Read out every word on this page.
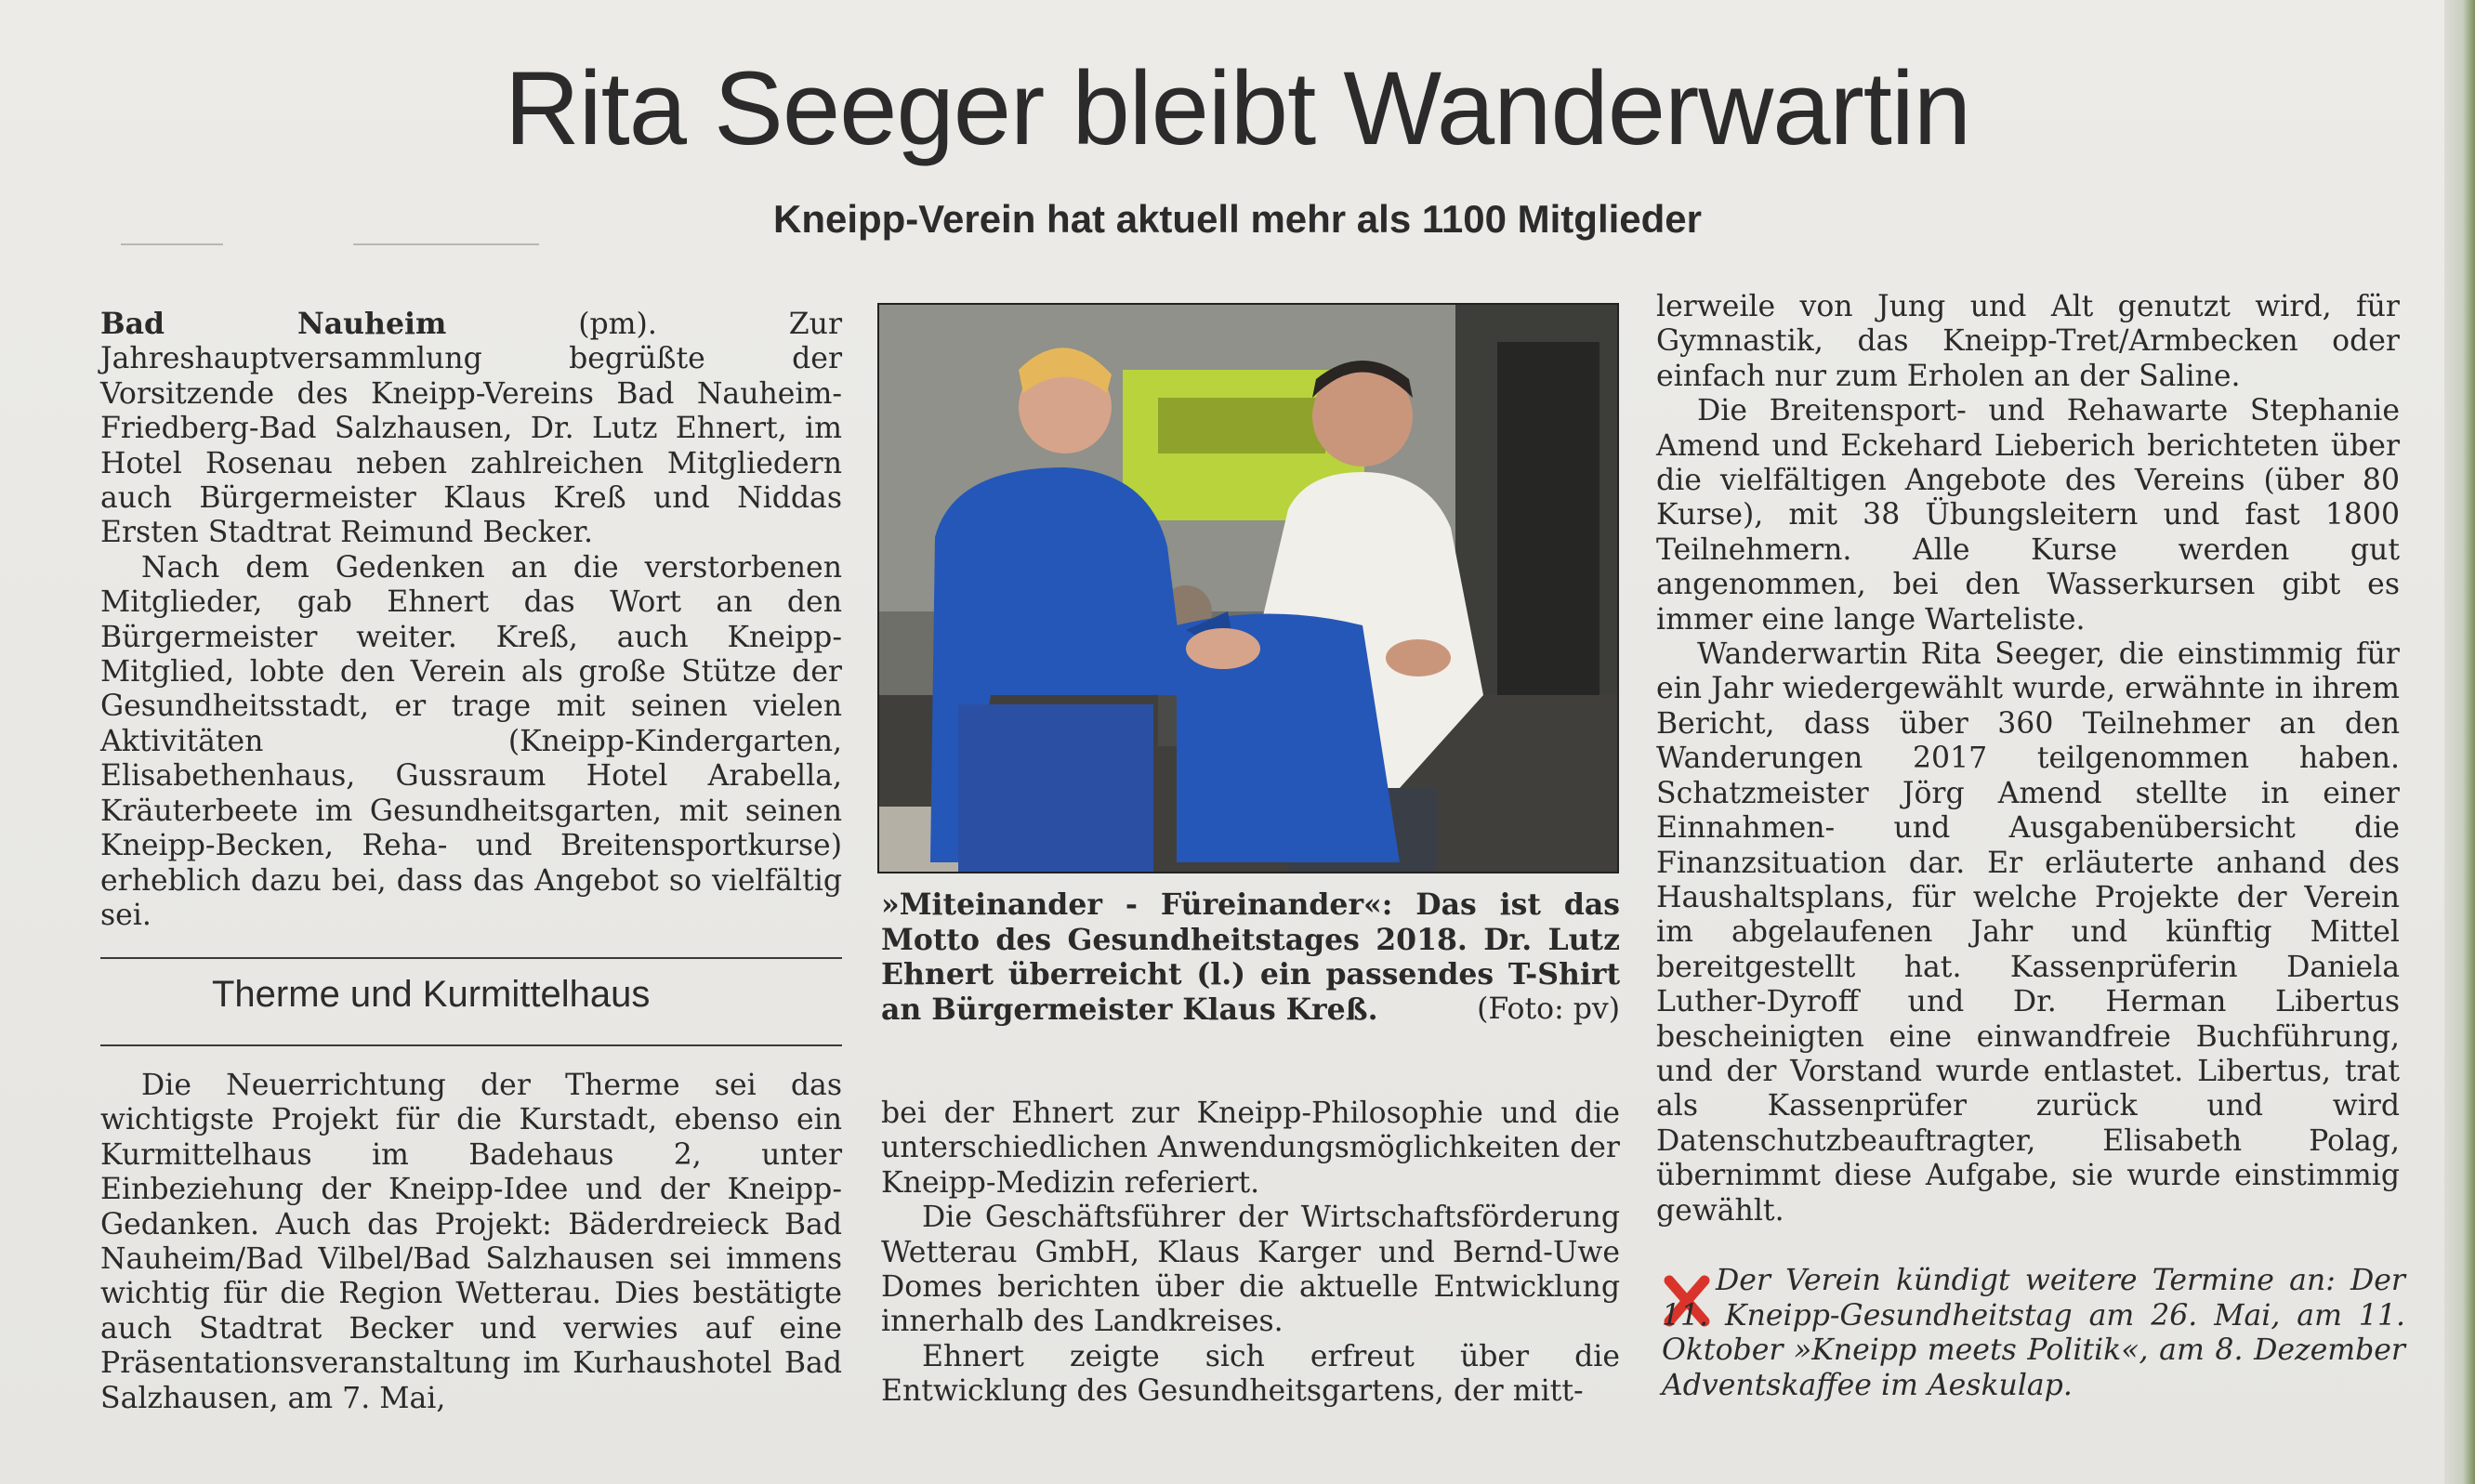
Rita Seeger bleibt Wanderwartin
Kneipp-Verein hat aktuell mehr als 1100 Mitglieder

Bad Nauheim (pm). Zur Jahreshauptversammlung begrüßte der Vorsitzende des Kneipp-Vereins Bad Nauheim-Friedberg-Bad Salzhausen, Dr. Lutz Ehnert, im Hotel Rosenau neben zahlreichen Mitgliedern auch Bürgermeister Klaus Kreß und Niddas Ersten Stadtrat Reimund Becker.

Nach dem Gedenken an die verstorbenen Mitglieder, gab Ehnert das Wort an den Bürgermeister weiter. Kreß, auch Kneipp-Mitglied, lobte den Verein als große Stütze der Gesundheitsstadt, er trage mit seinen vielen Aktivitäten (Kneipp-Kindergarten, Elisabethenhaus, Gussraum Hotel Arabella, Kräuterbeete im Gesundheitsgarten, mit seinen Kneipp-Becken, Reha- und Breitensportkurse) erheblich dazu bei, dass das Angebot so vielfältig sei.

Therme und Kurmittelhaus

Die Neuerrichtung der Therme sei das wichtigste Projekt für die Kurstadt, ebenso ein Kurmittelhaus im Badehaus 2, unter Einbeziehung der Kneipp-Idee und der Kneipp-Gedanken. Auch das Projekt: Bäderdreieck Bad Nauheim/Bad Vilbel/Bad Salzhausen sei immens wichtig für die Region Wetterau. Dies bestätigte auch Stadtrat Becker und verwies auf eine Präsentationsveranstaltung im Kurhaushotel Bad Salzhausen, am 7. Mai,

»Miteinander - Füreinander«: Das ist das Motto des Gesundheitstages 2018. Dr. Lutz Ehnert überreicht (l.) ein passendes T-Shirt an Bürgermeister Klaus Kreß.	(Foto: pv)

bei der Ehnert zur Kneipp-Philosophie und die unterschiedlichen Anwendungsmöglichkeiten der Kneipp-Medizin referiert.

Die Geschäftsführer der Wirtschaftsförderung Wetterau GmbH, Klaus Karger und Bernd-Uwe Domes berichten über die aktuelle Entwicklung innerhalb des Landkreises.

Ehnert zeigte sich erfreut über die Entwicklung des Gesundheitsgartens, der mitt-

lerweile von Jung und Alt genutzt wird, für Gymnastik, das Kneipp-Tret/Armbecken oder einfach nur zum Erholen an der Saline.

Die Breitensport- und Rehawarte Stephanie Amend und Eckehard Lieberich berichteten über die vielfältigen Angebote des Vereins (über 80 Kurse), mit 38 Übungsleitern und fast 1800 Teilnehmern. Alle Kurse werden gut angenommen, bei den Wasserkursen gibt es immer eine lange Warteliste.

Wanderwartin Rita Seeger, die einstimmig für ein Jahr wiedergewählt wurde, erwähnte in ihrem Bericht, dass über 360 Teilnehmer an den Wanderungen 2017 teilgenommen haben. Schatzmeister Jörg Amend stellte in einer Einnahmen- und Ausgabenübersicht die Finanzsituation dar. Er erläuterte anhand des Haushaltsplans, für welche Projekte der Verein im abgelaufenen Jahr und künftig Mittel bereitgestellt hat. Kassenprüferin Daniela Luther-Dyroff und Dr. Herman Libertus bescheinigten eine einwandfreie Buchführung, und der Vorstand wurde entlastet. Libertus, trat als Kassenprüfer zurück und wird Datenschutzbeauftragter, Elisabeth Polag, übernimmt diese Aufgabe, sie wurde einstimmig gewählt.

Der Verein kündigt weitere Termine an: Der 11. Kneipp-Gesundheitstag am 26. Mai, am 11. Oktober »Kneipp meets Politik«, am 8. Dezember Adventskaffee im Aeskulap.
